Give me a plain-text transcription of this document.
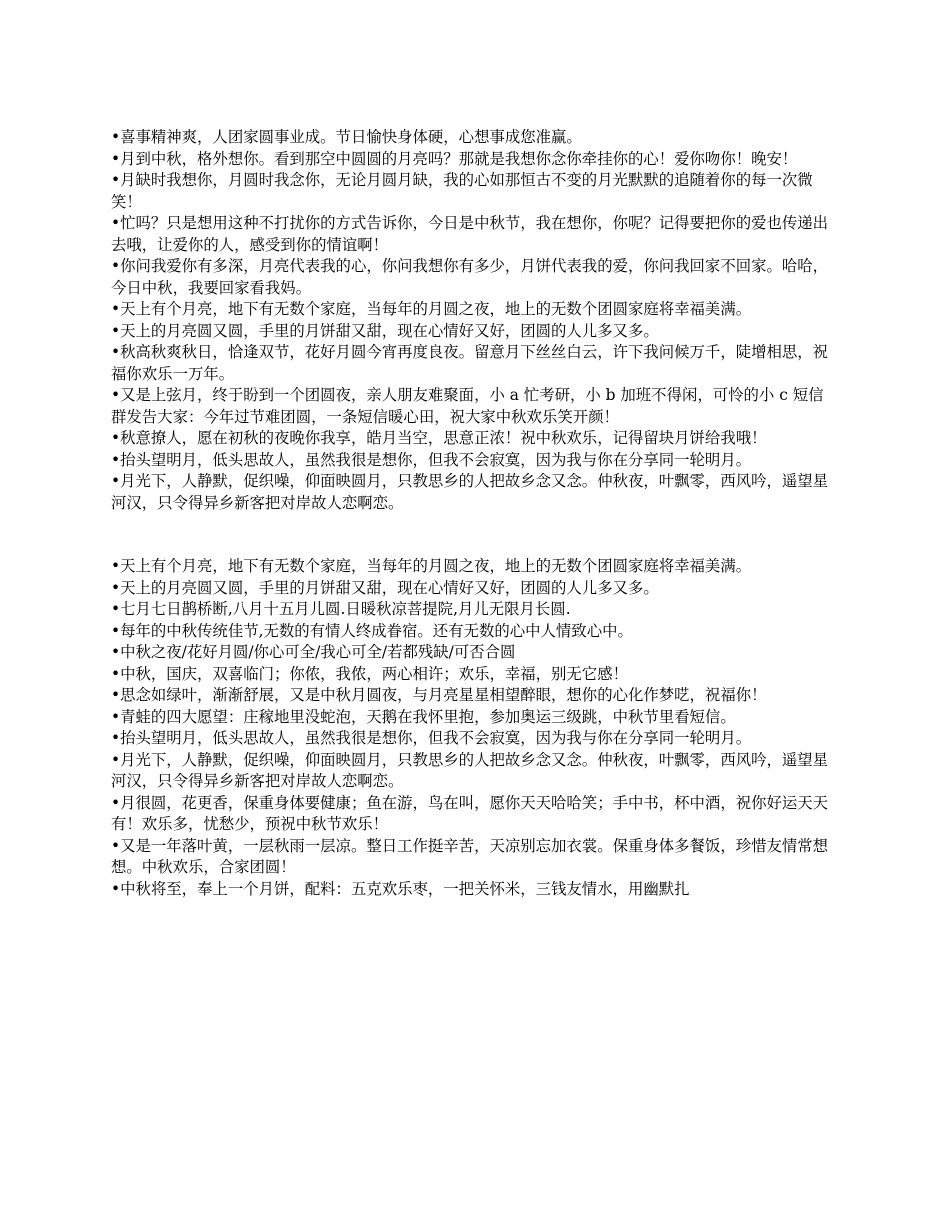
•喜事精神爽，人团家圆事业成。节日愉快身体硬，心想事成您准赢。

•月到中秋，格外想你。看到那空中圆圆的月亮吗？那就是我想你念你牵挂你的心！爱你吻你！晚安！

•月缺时我想你，月圆时我念你，无论月圆月缺，我的心如那恒古不变的月光默默的追随着你的每一次微笑！

•忙吗？只是想用这种不打扰你的方式告诉你，今日是中秋节，我在想你，你呢？记得要把你的爱也传递出去哦，让爱你的人，感受到你的情谊啊！

•你问我爱你有多深，月亮代表我的心，你问我想你有多少，月饼代表我的爱，你问我回家不回家。哈哈，今日中秋，我要回家看我妈。

•天上有个月亮，地下有无数个家庭，当每年的月圆之夜，地上的无数个团圆家庭将幸福美满。

•天上的月亮圆又圆，手里的月饼甜又甜，现在心情好又好，团圆的人儿多又多。

•秋高秋爽秋日，恰逢双节，花好月圆今宵再度良夜。留意月下丝丝白云，许下我问候万千，陡增相思，祝福你欢乐一万年。

•又是上弦月，终于盼到一个团圆夜，亲人朋友难聚面，小 a 忙考研，小 b 加班不得闲，可怜的小 c 短信群发告大家：今年过节难团圆，一条短信暖心田，祝大家中秋欢乐笑开颜！

•秋意撩人，愿在初秋的夜晚你我享，皓月当空，思意正浓！祝中秋欢乐，记得留块月饼给我哦！

•抬头望明月，低头思故人，虽然我很是想你，但我不会寂寞，因为我与你在分享同一轮明月。

•月光下，人静默，促织噪，仰面映圆月，只教思乡的人把故乡念又念。仲秋夜，叶飘零，西风吟，遥望星河汉，只令得异乡新客把对岸故人恋啊恋。

•天上有个月亮，地下有无数个家庭，当每年的月圆之夜，地上的无数个团圆家庭将幸福美满。

•天上的月亮圆又圆，手里的月饼甜又甜，现在心情好又好，团圆的人儿多又多。

•七月七日鹊桥断,八月十五月儿圆.日暖秋凉菩提院,月儿无限月长圆.

•每年的中秋传统佳节,无数的有情人终成眷宿。还有无数的心中人情致心中。

•中秋之夜/花好月圆/你心可全/我心可全/若都残缺/可否合圆

•中秋，国庆，双喜临门；你侬，我侬，两心相许；欢乐，幸福，别无它感！

•思念如绿叶，渐渐舒展，又是中秋月圆夜，与月亮星星相望醉眼，想你的心化作梦呓，祝福你！

•青蛙的四大愿望：庄稼地里没蛇泡，天鹅在我怀里抱，参加奥运三级跳，中秋节里看短信。

•抬头望明月，低头思故人，虽然我很是想你，但我不会寂寞，因为我与你在分享同一轮明月。

•月光下，人静默，促织噪，仰面映圆月，只教思乡的人把故乡念又念。仲秋夜，叶飘零，西风吟，遥望星河汉，只令得异乡新客把对岸故人恋啊恋。

•月很圆，花更香，保重身体要健康；鱼在游，鸟在叫，愿你天天哈哈笑；手中书，杯中酒，祝你好运天天有！欢乐多，忧愁少，预祝中秋节欢乐！

•又是一年落叶黄，一层秋雨一层凉。整日工作挺辛苦，天凉别忘加衣裳。保重身体多餐饭，珍惜友情常想想。中秋欢乐，合家团圆！

•中秋将至，奉上一个月饼，配料：五克欢乐枣，一把关怀米，三钱友情水，用幽默扎
